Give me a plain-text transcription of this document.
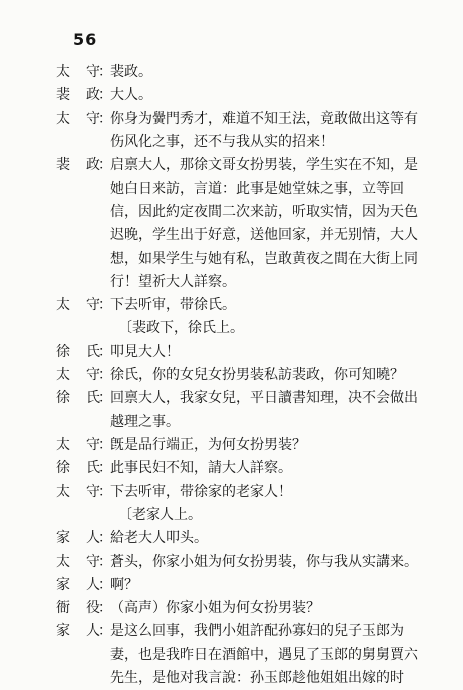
56
太 守
：
裴政。
裴 政
：
大人。
太 守
：
你身为黌門秀才，难道不知王法，竟敢做出这等有
伤风化之事，还不与我从实的招来！
裴 政
：
启禀大人，那徐文哥女扮男装，学生实在不知，是
她白日来訪，言道：此事是她堂妹之事，立等回
信，因此約定夜間二次来訪，听取实情，因为天色
迟晚，学生出于好意，送他回家，并无别情，大人
想，如果学生与她有私，岂敢黄夜之間在大街上同
行！望祈大人詳察。
太 守
：
下去听审，带徐氏。
〔裴政下，徐氏上。
徐 氏
：
叩見大人！
太 守
：
徐氏，你的女兒女扮男装私訪裴政，你可知曉？
徐 氏
：
回禀大人，我家女兒，平日讀書知理，决不会做出
越理之事。
太 守
：
旣是品行端正，为何女扮男装？
徐 氏
：
此事民妇不知，請大人詳察。
太 守
：
下去听审，带徐家的老家人！
〔老家人上。
家 人
：
給老大人叩头。
太 守
：
蒼头，你家小姐为何女扮男装，你与我从实講来。
家 人
：
啊？
衙 役
：
（高声）你家小姐为何女扮男装？
家 人
：
是这么回事，我們小姐許配孙寡妇的兒子玉郎为
妻，也是我昨日在酒館中，遇見了玉郎的舅舅賈六
先生，是他对我言說：孙玉郎趁他姐姐出嫁的时
